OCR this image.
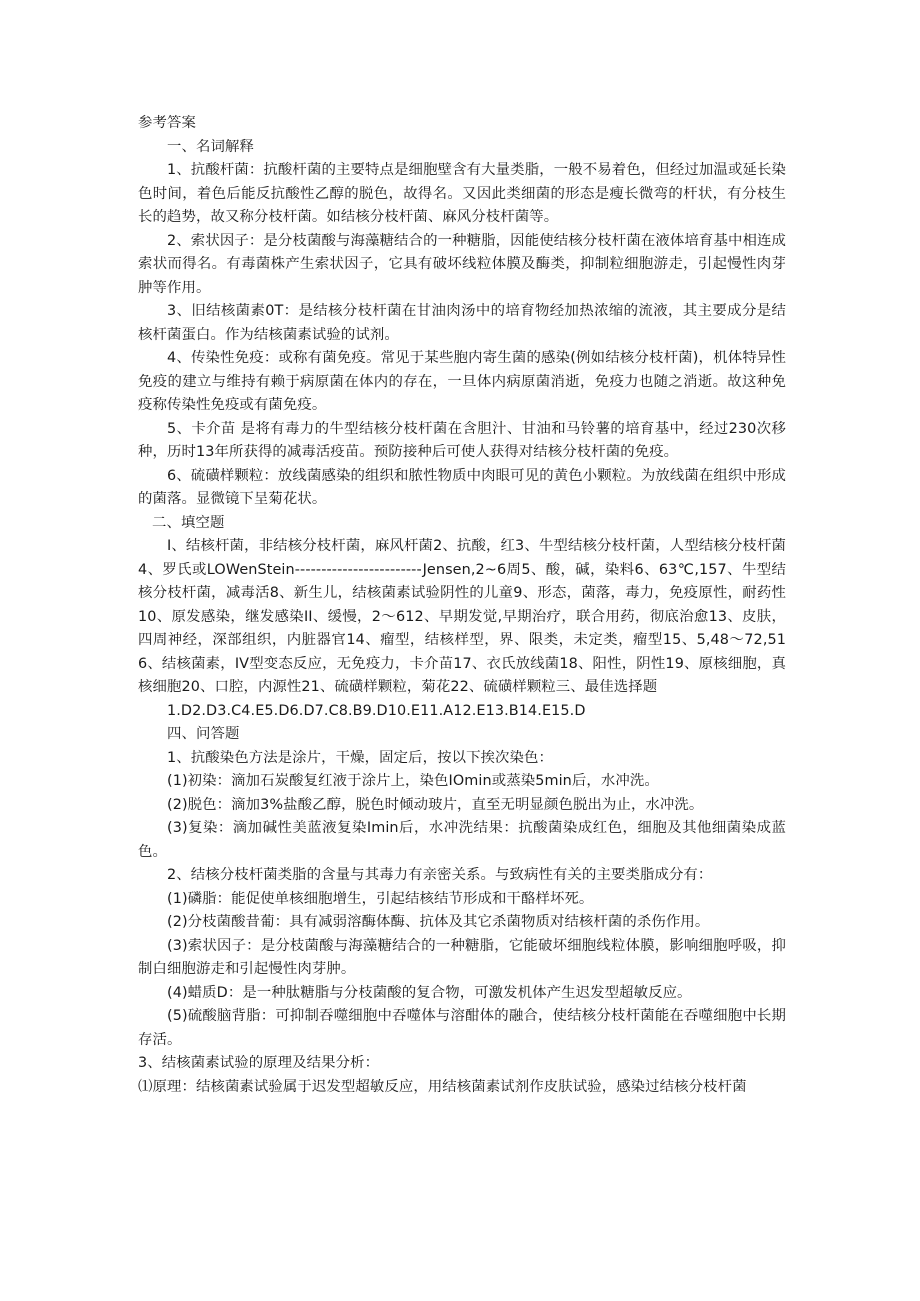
参考答案

一、名词解释

1、抗酸杆菌：抗酸杆菌的主要特点是细胞壁含有大量类脂，一般不易着色，但经过加温或延长染色时间，着色后能反抗酸性乙醇的脱色，故得名。又因此类细菌的形态是瘦长微弯的杆状，有分枝生长的趋势，故又称分枝杆菌。如结核分枝杆菌、麻风分枝杆菌等。

2、索状因子：是分枝菌酸与海藻糖结合的一种糖脂，因能使结核分枝杆菌在液体培育基中相连成索状而得名。有毒菌株产生索状因子，它具有破坏线粒体膜及酶类，抑制粒细胞游走，引起慢性肉芽肿等作用。

3、旧结核菌素0T：是结核分枝杆菌在甘油肉汤中的培育物经加热浓缩的流液，其主要成分是结核杆菌蛋白。作为结核菌素试验的试剂。

4、传染性免疫：或称有菌免疫。常见于某些胞内寄生菌的感染(例如结核分枝杆菌)，机体特异性免疫的建立与维持有赖于病原菌在体内的存在，一旦体内病原菌消逝，免疫力也随之消逝。故这种免疫称传染性免疫或有菌免疫。

5、卡介苗 是将有毒力的牛型结核分枝杆菌在含胆汁、甘油和马铃薯的培育基中，经过230次移种，历时13年所获得的减毒活疫苗。预防接种后可使人获得对结核分枝杆菌的免疫。

6、硫磺样颗粒：放线菌感染的组织和脓性物质中肉眼可见的黄色小颗粒。为放线菌在组织中形成的菌落。显微镜下呈菊花状。

二、填空题

I、结核杆菌，非结核分枝杆菌，麻风杆菌2、抗酸，红3、牛型结核分枝杆菌，人型结核分枝杆菌4、罗氏或LOWenStein------------------------Jensen,2~6周5、酸，碱，染料6、63℃,157、牛型结核分枝杆菌，减毒活8、新生儿，结核菌素试验阴性的儿童9、形态，菌落，毒力，免疫原性，耐药性10、原发感染，继发感染II、缓慢，2～612、早期发觉,早期治疗，联合用药，彻底治愈13、皮肤，四周神经，深部组织，内脏器官14、瘤型，结核样型，界、限类，未定类，瘤型15、5,48～72,516、结核菌素，IV型变态反应，无免疫力，卡介苗17、衣氏放线菌18、阳性，阴性19、原核细胞，真核细胞20、口腔，内源性21、硫磺样颗粒，菊花22、硫磺样颗粒三、最佳选择题

1.D2.D3.C4.E5.D6.D7.C8.B9.D10.E11.A12.E13.B14.E15.D

四、问答题

1、抗酸染色方法是涂片，干燥，固定后，按以下挨次染色：

(1)初染：滴加石炭酸复红液于涂片上，染色IOmin或蒸染5min后，水冲洗。

(2)脱色：滴加3%盐酸乙醇，脱色时倾动玻片，直至无明显颜色脱出为止，水冲洗。

(3)复染：滴加碱性美蓝液复染Imin后，水冲洗结果：抗酸菌染成红色，细胞及其他细菌染成蓝色。

2、结核分枝杆菌类脂的含量与其毒力有亲密关系。与致病性有关的主要类脂成分有：

(1)磷脂：能促使单核细胞增生，引起结核结节形成和干酪样坏死。

(2)分枝菌酸昔葡：具有减弱溶酶体酶、抗体及其它杀菌物质对结核杆菌的杀伤作用。

(3)索状因子：是分枝菌酸与海藻糖结合的一种糖脂，它能破坏细胞线粒体膜，影响细胞呼吸，抑制白细胞游走和引起慢性肉芽肿。

(4)蜡质D：是一种肽糖脂与分枝菌酸的复合物，可激发机体产生迟发型超敏反应。

(5)硫酸脑背脂：可抑制吞噬细胞中吞噬体与溶酣体的融合，使结核分枝杆菌能在吞噬细胞中长期存活。

3、结核菌素试验的原理及结果分析：

⑴原理：结核菌素试验属于迟发型超敏反应，用结核菌素试剂作皮肤试验，感染过结核分枝杆菌
